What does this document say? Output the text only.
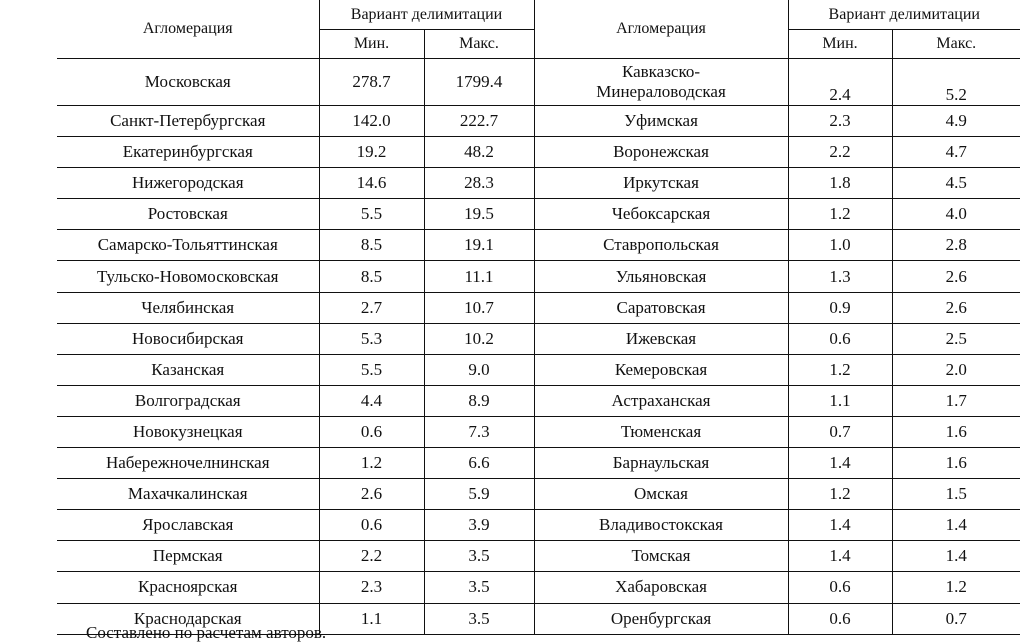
Агломерация	Вариант делимитации		Агломерация	Вариант делимитации	
	Мин.	Макс.		Мин.	Макс.
Московская	278.7	1799.4	Кавказско-
Минераловодская	2.4	5.2
Санкт-Петербургская	142.0	222.7	Уфимская	2.3	4.9
Екатеринбургская	19.2	48.2	Воронежская	2.2	4.7
Нижегородская	14.6	28.3	Иркутская	1.8	4.5
Ростовская	5.5	19.5	Чебоксарская	1.2	4.0
Самарско-Тольяттинская	8.5	19.1	Ставропольская	1.0	2.8
Тульско-Новомосковская	8.5	11.1	Ульяновская	1.3	2.6
Челябинская	2.7	10.7	Саратовская	0.9	2.6
Новосибирская	5.3	10.2	Ижевская	0.6	2.5
Казанская	5.5	9.0	Кемеровская	1.2	2.0
Волгоградская	4.4	8.9	Астраханская	1.1	1.7
Новокузнецкая	0.6	7.3	Тюменская	0.7	1.6
Набережночелнинская	1.2	6.6	Барнаульская	1.4	1.6
Махачкалинская	2.6	5.9	Омская	1.2	1.5
Ярославская	0.6	3.9	Владивостокская	1.4	1.4
Пермская	2.2	3.5	Томская	1.4	1.4
Красноярская	2.3	3.5	Хабаровская	0.6	1.2
Краснодарская	1.1	3.5	Оренбургская	0.6	0.7
Составлено по расчетам авторов.
